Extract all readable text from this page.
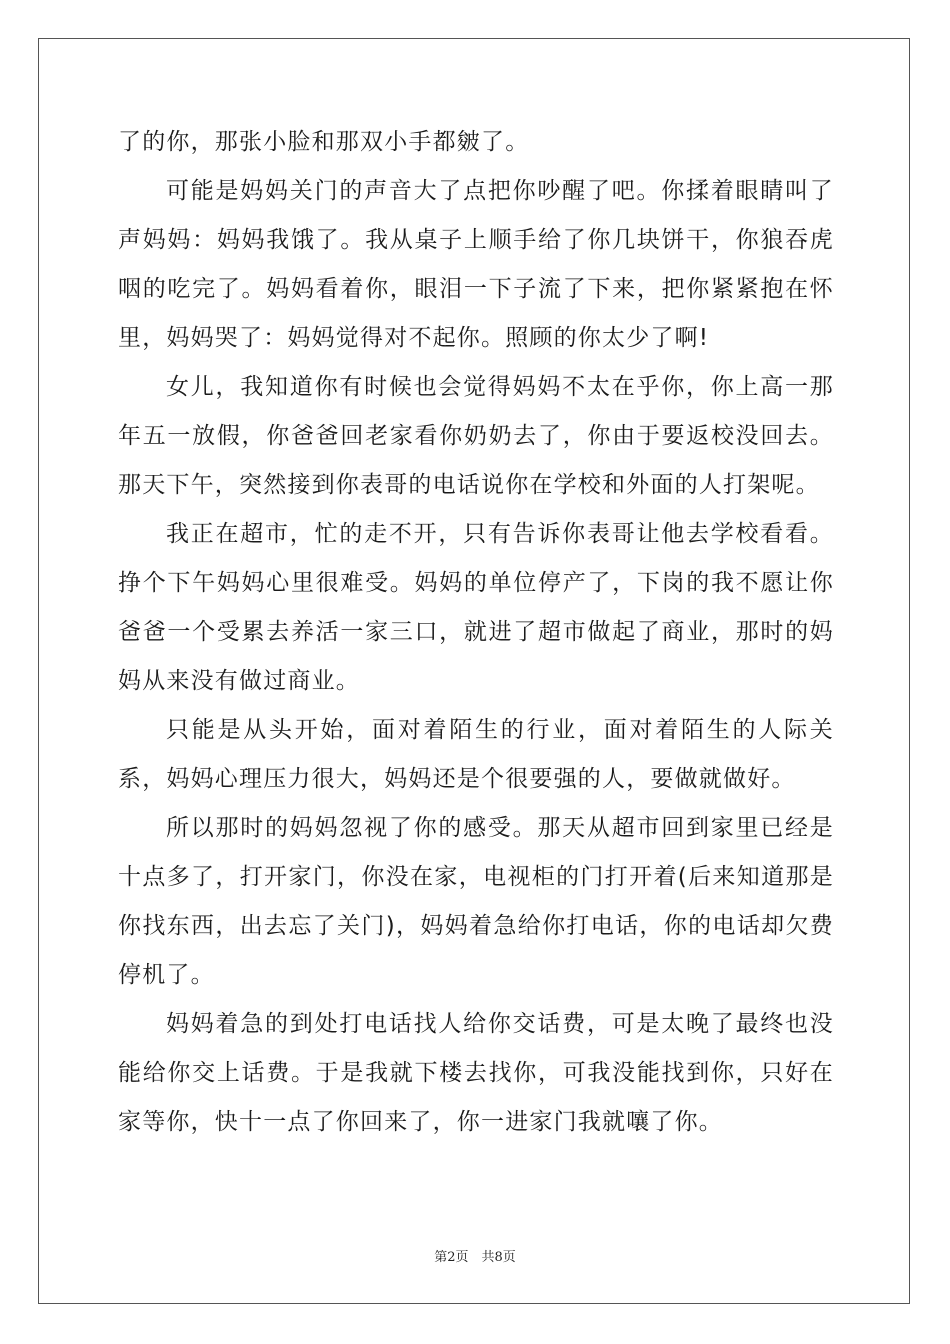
了的你，那张小脸和那双小手都皴了。

可能是妈妈关门的声音大了点把你吵醒了吧。你揉着眼睛叫了声妈妈：妈妈我饿了。我从桌子上顺手给了你几块饼干，你狼吞虎咽的吃完了。妈妈看着你，眼泪一下子流了下来，把你紧紧抱在怀里，妈妈哭了：妈妈觉得对不起你。照顾的你太少了啊!

女儿，我知道你有时候也会觉得妈妈不太在乎你，你上高一那年五一放假，你爸爸回老家看你奶奶去了，你由于要返校没回去。那天下午，突然接到你表哥的电话说你在学校和外面的人打架呢。

我正在超市，忙的走不开，只有告诉你表哥让他去学校看看。挣个下午妈妈心里很难受。妈妈的单位停产了，下岗的我不愿让你爸爸一个受累去养活一家三口，就进了超市做起了商业，那时的妈妈从来没有做过商业。

只能是从头开始，面对着陌生的行业，面对着陌生的人际关系，妈妈心理压力很大，妈妈还是个很要强的人，要做就做好。

所以那时的妈妈忽视了你的感受。那天从超市回到家里已经是十点多了，打开家门，你没在家，电视柜的门打开着(后来知道那是你找东西，出去忘了关门)，妈妈着急给你打电话，你的电话却欠费停机了。

妈妈着急的到处打电话找人给你交话费，可是太晚了最终也没能给你交上话费。于是我就下楼去找你，可我没能找到你，只好在家等你，快十一点了你回来了，你一进家门我就嚷了你。

第2页　共8页
